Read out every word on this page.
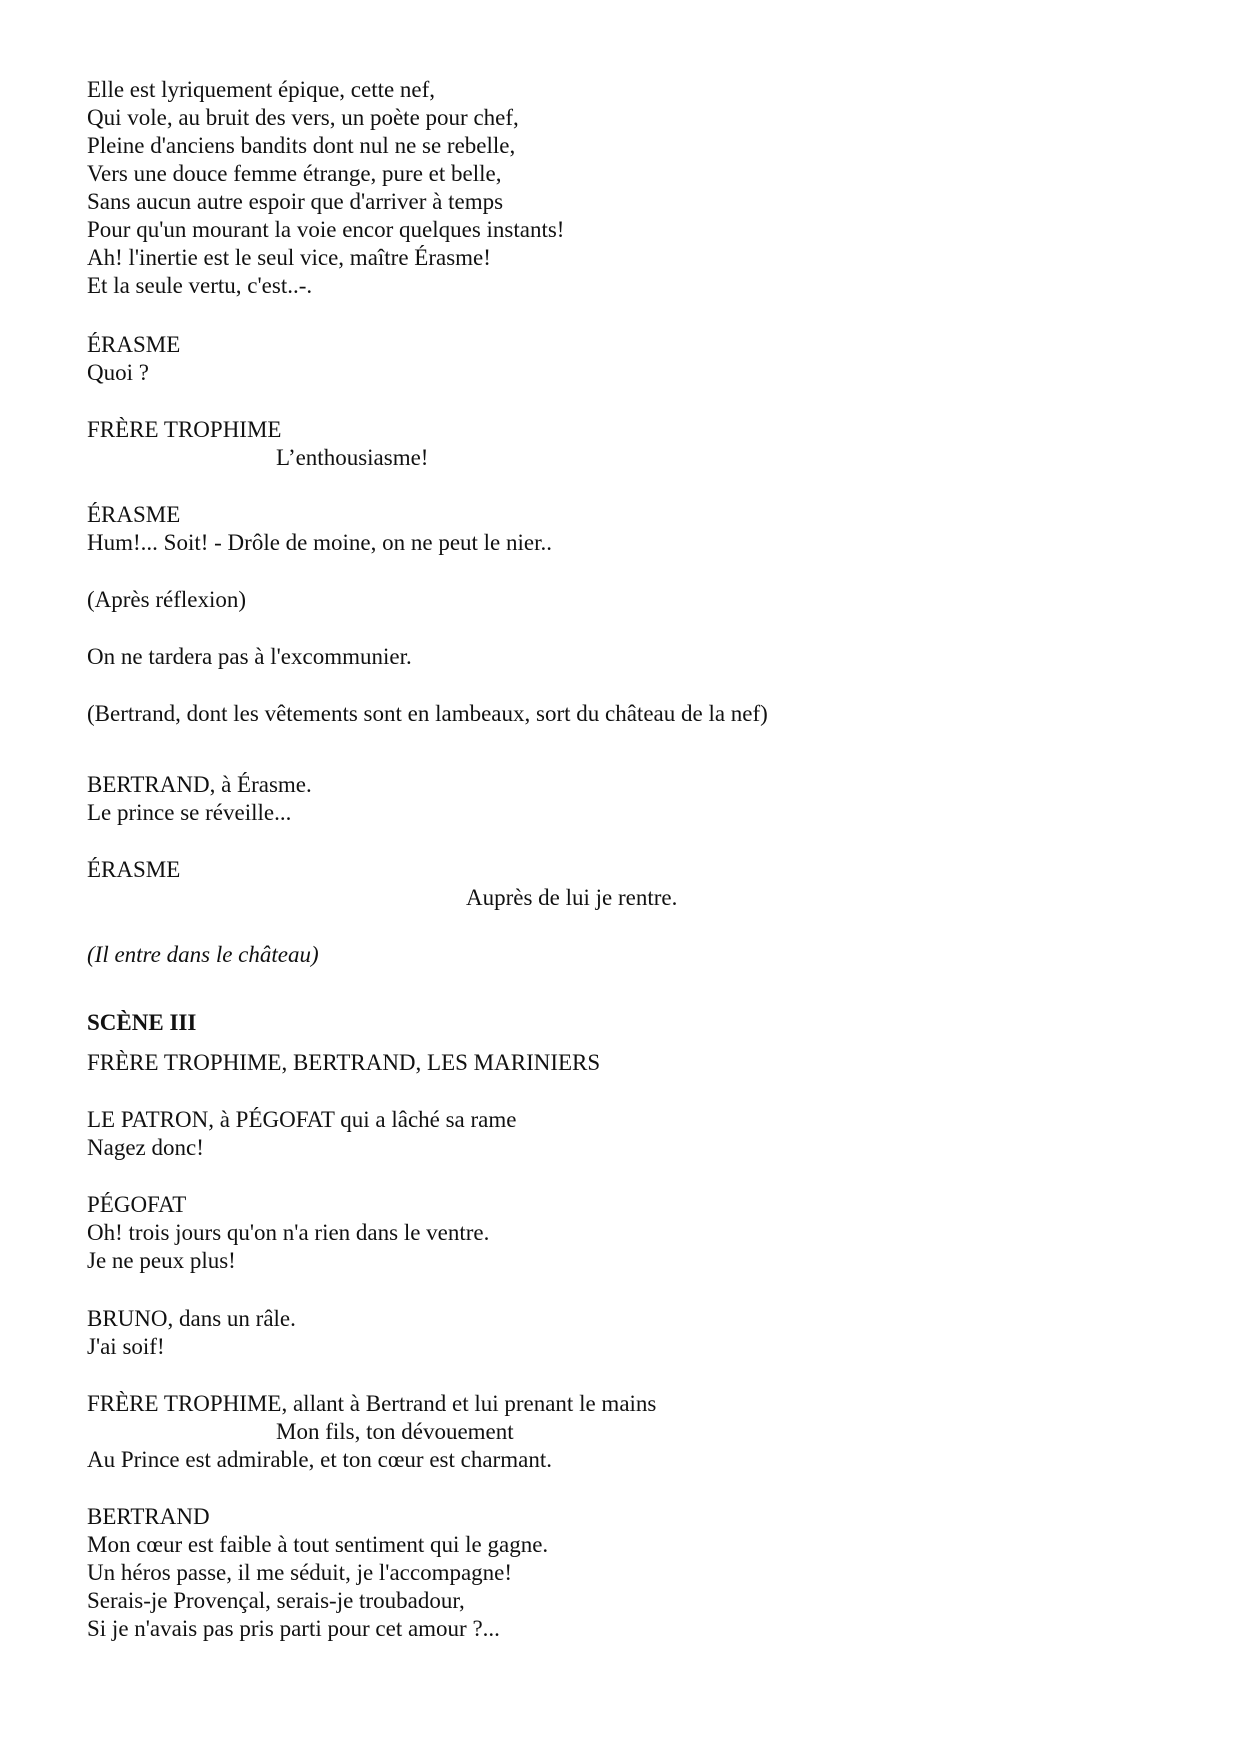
Elle est lyriquement épique, cette nef,
Qui vole, au bruit des vers, un poète pour chef,
Pleine d'anciens bandits dont nul ne se rebelle,
Vers une douce femme étrange, pure et belle,
Sans aucun autre espoir que d'arriver à temps
Pour qu'un mourant la voie encor quelques instants!
Ah! l'inertie est le seul vice, maître Érasme!
Et la seule vertu, c'est..-.
ÉRASME
Quoi ?
FRÈRE TROPHIME
L’enthousiasme!
ÉRASME
Hum!... Soit! - Drôle de moine, on ne peut le nier..
(Après réflexion)
On ne tardera pas à l'excommunier.
(Bertrand, dont les vêtements sont en lambeaux, sort du château de la nef)
BERTRAND, à Érasme.
Le prince se réveille...
ÉRASME
Auprès de lui je rentre.
(Il entre dans le château)
SCÈNE III
FRÈRE TROPHIME, BERTRAND, LES MARINIERS
LE PATRON, à PÉGOFAT qui a lâché sa rame
Nagez donc!
PÉGOFAT
Oh! trois jours qu'on n'a rien dans le ventre.
Je ne peux plus!
BRUNO, dans un râle.
J'ai soif!
FRÈRE TROPHIME, allant à Bertrand et lui prenant le mains
Mon fils, ton dévouement
Au Prince est admirable, et ton cœur est charmant.
BERTRAND
Mon cœur est faible à tout sentiment qui le gagne.
Un héros passe, il me séduit, je l'accompagne!
Serais-je Provençal, serais-je troubadour,
Si je n'avais pas pris parti pour cet amour ?...
